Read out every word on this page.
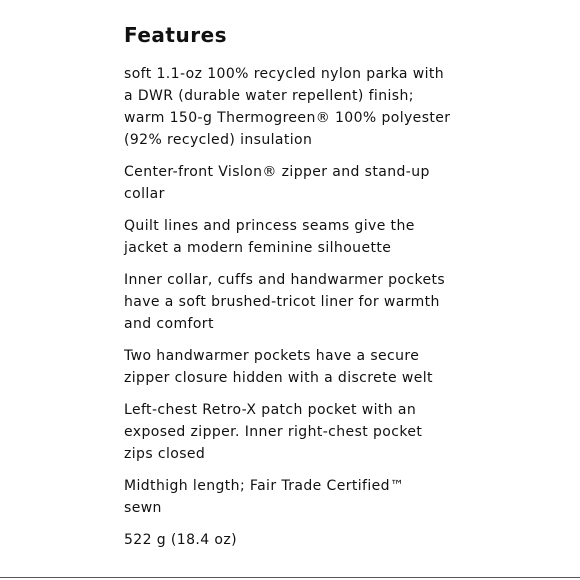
Features
soft 1.1-oz 100% recycled nylon parka with
a DWR (durable water repellent) finish;
warm 150-g Thermogreen® 100% polyester
(92% recycled) insulation
Center-front Vislon® zipper and stand-up
collar
Quilt lines and princess seams give the
jacket a modern feminine silhouette
Inner collar, cuffs and handwarmer pockets
have a soft brushed-tricot liner for warmth
and comfort
Two handwarmer pockets have a secure
zipper closure hidden with a discrete welt
Left-chest Retro-X patch pocket with an
exposed zipper. Inner right-chest pocket
zips closed
Midthigh length; Fair Trade Certified™
sewn
522 g (18.4 oz)
